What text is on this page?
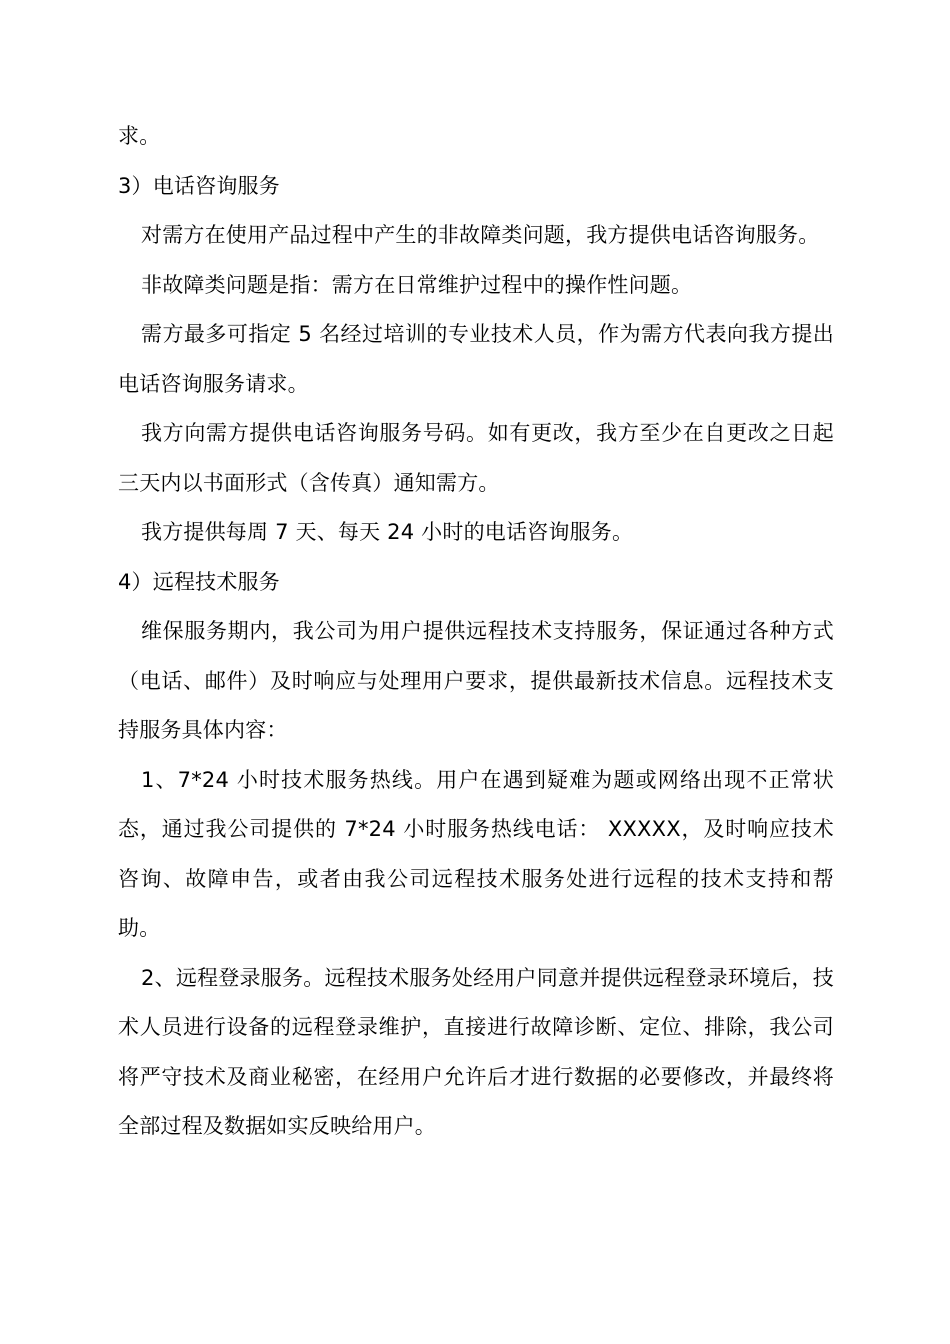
求。

3）电话咨询服务

对需方在使用产品过程中产生的非故障类问题，我方提供电话咨询服务。

非故障类问题是指：需方在日常维护过程中的操作性问题。

需方最多可指定 5 名经过培训的专业技术人员，作为需方代表向我方提出电话咨询服务请求。

我方向需方提供电话咨询服务号码。如有更改，我方至少在自更改之日起三天内以书面形式（含传真）通知需方。

我方提供每周 7 天、每天 24 小时的电话咨询服务。

4）远程技术服务

维保服务期内，我公司为用户提供远程技术支持服务，保证通过各种方式（电话、邮件）及时响应与处理用户要求，提供最新技术信息。远程技术支持服务具体内容：

1、7*24 小时技术服务热线。用户在遇到疑难为题或网络出现不正常状态，通过我公司提供的 7*24 小时服务热线电话： XXXXX，及时响应技术咨询、故障申告，或者由我公司远程技术服务处进行远程的技术支持和帮助。

2、远程登录服务。远程技术服务处经用户同意并提供远程登录环境后，技术人员进行设备的远程登录维护，直接进行故障诊断、定位、排除，我公司将严守技术及商业秘密，在经用户允许后才进行数据的必要修改，并最终将全部过程及数据如实反映给用户。
